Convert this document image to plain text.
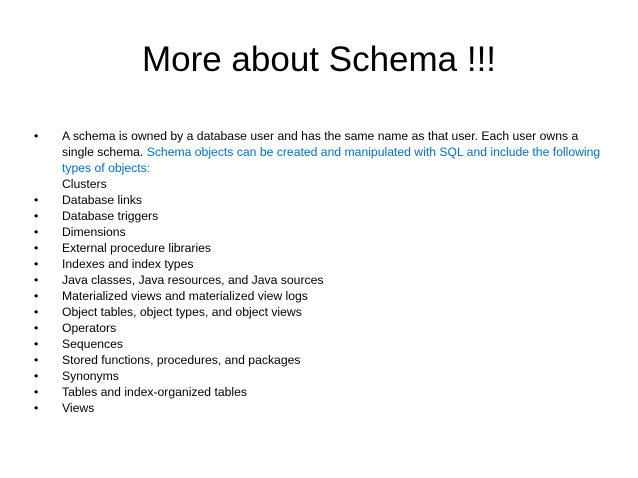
More about Schema !!!
• A schema is owned by a database user and has the same name as that user. Each user owns a single schema. Schema objects can be created and manipulated with SQL and include the following types of objects:
Clusters
• Database links
• Database triggers
• Dimensions
• External procedure libraries
• Indexes and index types
• Java classes, Java resources, and Java sources
• Materialized views and materialized view logs
• Object tables, object types, and object views
• Operators
• Sequences
• Stored functions, procedures, and packages
• Synonyms
• Tables and index-organized tables
• Views
